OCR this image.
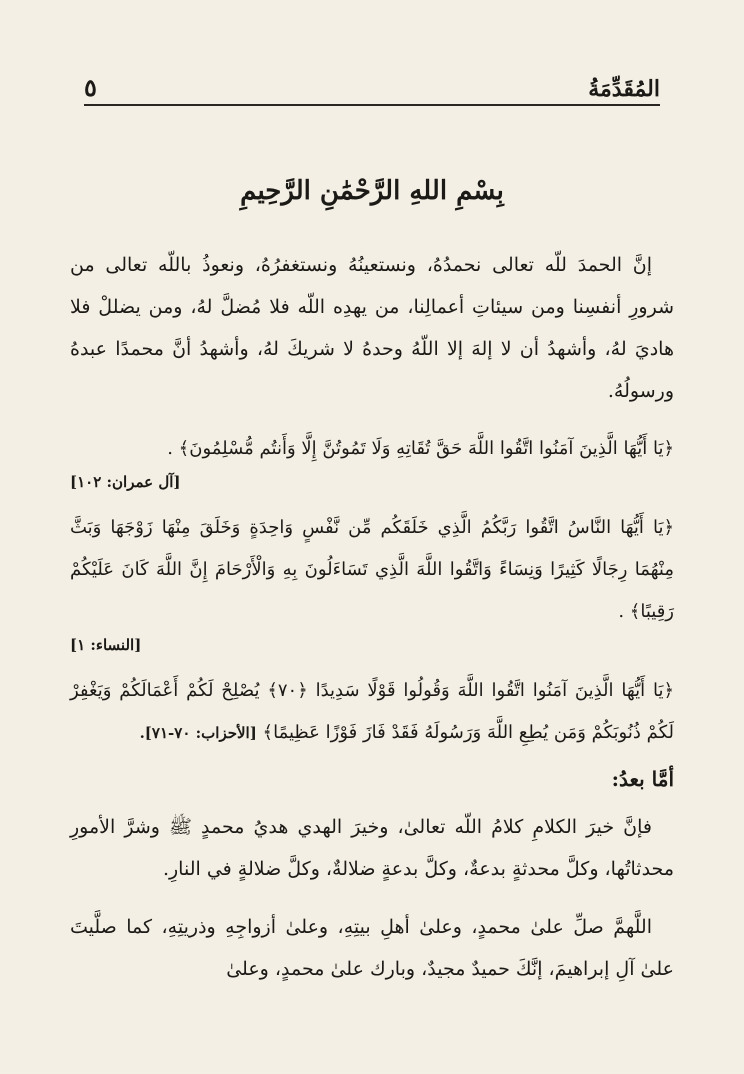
المُقَدِّمَةُ
٥
بِسْمِ اللهِ الرَّحْمَٰنِ الرَّحِيمِ

إنَّ الحمدَ للّه تعالى نحمدُهُ، ونستعينُهُ ونستغفرُهُ، ونعوذُ باللّه تعالى من شرورِ أنفسِنا ومن سيئاتِ أعمالِنا، من يهدِه اللّه فلا مُضلَّ لهُ، ومن يضللْ فلا هاديَ لهُ، وأشهدُ أن لا إلهَ إلا اللّهُ وحدهُ لا شريكَ لهُ، وأشهدُ أنَّ محمدًا عبدهُ ورسولُهُ.

﴿يَا أَيُّهَا الَّذِينَ آمَنُوا اتَّقُوا اللَّهَ حَقَّ تُقَاتِهِ وَلَا تَمُوتُنَّ إِلَّا وَأَنتُم مُّسْلِمُونَ﴾ .

[آل عمران: ١٠٢]

﴿يَا أَيُّهَا النَّاسُ اتَّقُوا رَبَّكُمُ الَّذِي خَلَقَكُم مِّن نَّفْسٍ وَاحِدَةٍ وَخَلَقَ مِنْهَا زَوْجَهَا وَبَثَّ مِنْهُمَا رِجَالًا كَثِيرًا وَنِسَاءً وَاتَّقُوا اللَّهَ الَّذِي تَسَاءَلُونَ بِهِ وَالْأَرْحَامَ إِنَّ اللَّهَ كَانَ عَلَيْكُمْ رَقِيبًا﴾ .

[النساء: ١]

﴿يَا أَيُّهَا الَّذِينَ آمَنُوا اتَّقُوا اللَّهَ وَقُولُوا قَوْلًا سَدِيدًا ﴿٧٠﴾ يُصْلِحْ لَكُمْ أَعْمَالَكُمْ وَيَغْفِرْ لَكُمْ ذُنُوبَكُمْ وَمَن يُطِعِ اللَّهَ وَرَسُولَهُ فَقَدْ فَازَ فَوْزًا عَظِيمًا﴾ [الأحزاب: ٧٠-٧١].

أمَّا بعدُ:

فإنَّ خيرَ الكلامِ كلامُ اللّه تعالىٰ، وخيرَ الهدي هديُ محمدٍ ﷺ وشرَّ الأمورِ محدثاتُها، وكلَّ محدثةٍ بدعةٌ، وكلَّ بدعةٍ ضلالةٌ، وكلَّ ضلالةٍ في النارِ.

اللَّهمَّ صلِّ علىٰ محمدٍ، وعلىٰ أهلِ بيتِهِ، وعلىٰ أزواجِهِ وذريتِهِ، كما صلَّيتَ علىٰ آلِ إبراهيمَ، إنَّكَ حميدٌ مجيدٌ، وبارك علىٰ محمدٍ، وعلىٰ
